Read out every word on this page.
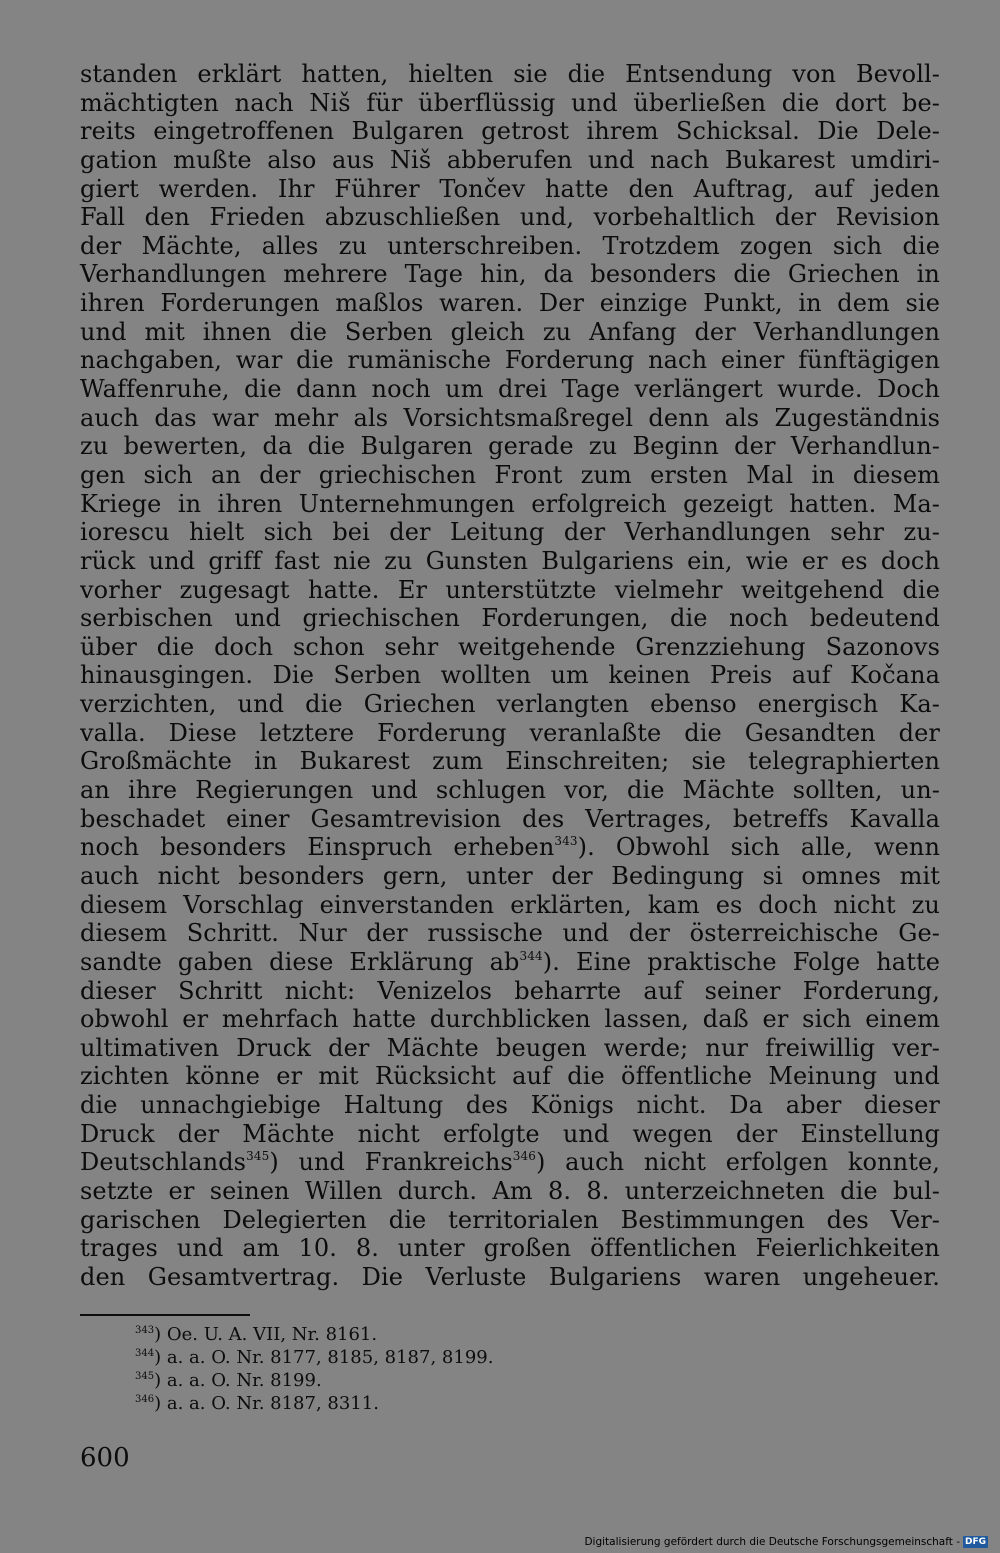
standen erklärt hatten, hielten sie die Entsendung von Bevoll-
mächtigten nach Niš für überflüssig und überließen die dort be-
reits eingetroffenen Bulgaren getrost ihrem Schicksal. Die Dele-
gation mußte also aus Niš abberufen und nach Bukarest umdiri-
giert werden. Ihr Führer Tončev hatte den Auftrag, auf jeden
Fall den Frieden abzuschließen und, vorbehaltlich der Revision
der Mächte, alles zu unterschreiben. Trotzdem zogen sich die
Verhandlungen mehrere Tage hin, da besonders die Griechen in
ihren Forderungen maßlos waren. Der einzige Punkt, in dem sie
und mit ihnen die Serben gleich zu Anfang der Verhandlungen
nachgaben, war die rumänische Forderung nach einer fünftägigen
Waffenruhe, die dann noch um drei Tage verlängert wurde. Doch
auch das war mehr als Vorsichtsmaßregel denn als Zugeständnis
zu bewerten, da die Bulgaren gerade zu Beginn der Verhandlun-
gen sich an der griechischen Front zum ersten Mal in diesem
Kriege in ihren Unternehmungen erfolgreich gezeigt hatten. Ma-
iorescu hielt sich bei der Leitung der Verhandlungen sehr zu-
rück und griff fast nie zu Gunsten Bulgariens ein, wie er es doch
vorher zugesagt hatte. Er unterstützte vielmehr weitgehend die
serbischen und griechischen Forderungen, die noch bedeutend
über die doch schon sehr weitgehende Grenzziehung Sazonovs
hinausgingen. Die Serben wollten um keinen Preis auf Kočana
verzichten, und die Griechen verlangten ebenso energisch Ka-
valla. Diese letztere Forderung veranlaßte die Gesandten der
Großmächte in Bukarest zum Einschreiten; sie telegraphierten
an ihre Regierungen und schlugen vor, die Mächte sollten, un-
beschadet einer Gesamtrevision des Vertrages, betreffs Kavalla
noch besonders Einspruch erheben$^{343}$). Obwohl sich alle, wenn
auch nicht besonders gern, unter der Bedingung si omnes mit
diesem Vorschlag einverstanden erklärten, kam es doch nicht zu
diesem Schritt. Nur der russische und der österreichische Ge-
sandte gaben diese Erklärung $ab^{344}$). Eine praktische Folge hatte
dieser Schritt nicht: Venizelos beharrte auf seiner Forderung,
obwohl er mehrfach hatte durchblicken lassen, daß er sich einem
ultimativen Druck der Mächte beugen werde; nur freiwillig ver-
zichten könne er mit Rücksicht auf die öffentliche Meinung und
die unnachgiebige Haltung des Königs nicht. Da aber dieser
Druck der Mächte nicht erfolgte und wegen der Einstellung
Deutschlands$^{345}$) und Frankreichs$^{346}$) auch nicht erfolgen konnte,
setzte er seinen Willen durch. Am 8. 8. unterzeichneten die bul-
garischen Delegierten die territorialen Bestimmungen des Ver-
trages und am 10. 8. unter großen öffentlichen Feierlichkeiten
den Gesamtvertrag. Die Verluste Bulgariens waren ungeheuer.
$^{343}$) Oe. U. A. VII, Nr. 8161.
$^{344}$) a. a. O. Nr. 8177, 8185, 8187, 8199.
$^{345}$) a. a. O. Nr. 8199.
$^{346}$) a. a. O. Nr. 8187, 8311.
600
Digitalisierung gefördert durch die Deutsche Forschungsgemeinschaft - DFG
